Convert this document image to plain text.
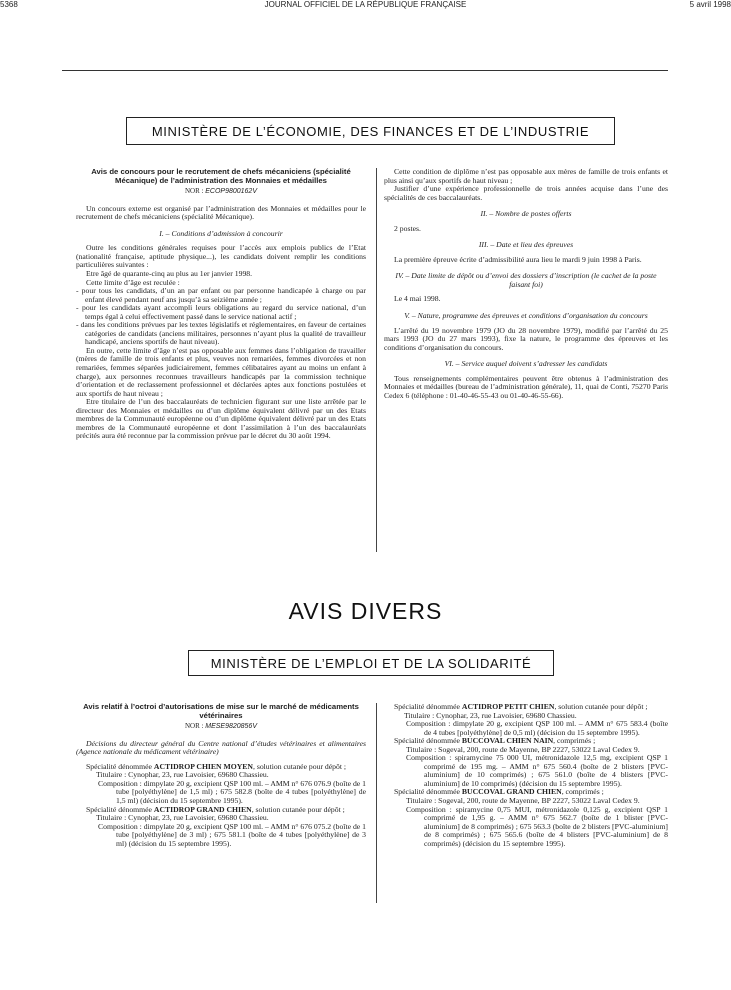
5368	JOURNAL OFFICIEL DE LA RÉPUBLIQUE FRANÇAISE	5 avril 1998
MINISTÈRE DE L’ÉCONOMIE, DES FINANCES ET DE L’INDUSTRIE

Avis de concours pour le recrutement de chefs mécaniciens (spécialité Mécanique) de l’administration des Monnaies et médailles

NOR : ECOP9800162V

Un concours externe est organisé par l’administration des Monnaies et médailles pour le recrutement de chefs mécaniciens (spécialité Mécanique).

I. – Conditions d’admission à concourir

Outre les conditions générales requises pour l’accès aux emplois publics de l’Etat (nationalité française, aptitude physique...), les candidats doivent remplir les conditions particulières suivantes :

Etre âgé de quarante-cinq au plus au 1er janvier 1998.

Cette limite d’âge est reculée :

- pour tous les candidats, d’un an par enfant ou par personne handicapée à charge ou par enfant élevé pendant neuf ans jusqu’à sa seizième année ;

- pour les candidats ayant accompli leurs obligations au regard du service national, d’un temps égal à celui effectivement passé dans le service national actif ;

- dans les conditions prévues par les textes législatifs et réglementaires, en faveur de certaines catégories de candidats (anciens militaires, personnes n’ayant plus la qualité de travailleur handicapé, anciens sportifs de haut niveau).

En outre, cette limite d’âge n’est pas opposable aux femmes dans l’obligation de travailler (mères de famille de trois enfants et plus, veuves non remariées, femmes divorcées et non remariées, femmes séparées judiciairement, femmes célibataires ayant au moins un enfant à charge), aux personnes reconnues travailleurs handicapés par la commission technique d’orientation et de reclassement professionnel et déclarées aptes aux fonctions postulées et aux sportifs de haut niveau ;

Etre titulaire de l’un des baccalauréats de technicien figurant sur une liste arrêtée par le directeur des Monnaies et médailles ou d’un diplôme équivalent délivré par un des Etats membres de la Communauté européenne ou d’un diplôme équivalent délivré par un des Etats membres de la Communauté européenne et dont l’assimilation à l’un des baccalauréats précités aura été reconnue par la commission prévue par le décret du 30 août 1994.

Cette condition de diplôme n’est pas opposable aux mères de famille de trois enfants et plus ainsi qu’aux sportifs de haut niveau ;

Justifier d’une expérience professionnelle de trois années acquise dans l’une des spécialités de ces baccalauréats.

II. – Nombre de postes offerts

2 postes.

III. – Date et lieu des épreuves

La première épreuve écrite d’admissibilité aura lieu le mardi 9 juin 1998 à Paris.

IV. – Date limite de dépôt ou d’envoi des dossiers d’inscription (le cachet de la poste faisant foi)

Le 4 mai 1998.

V. – Nature, programme des épreuves et conditions d’organisation du concours

L’arrêté du 19 novembre 1979 (JO du 28 novembre 1979), modifié par l’arrêté du 25 mars 1993 (JO du 27 mars 1993), fixe la nature, le programme des épreuves et les conditions d’organisation du concours.

VI. – Service auquel doivent s’adresser les candidats

Tous renseignements complémentaires peuvent être obtenus à l’administration des Monnaies et médailles (bureau de l’administration générale), 11, quai de Conti, 75270 Paris Cedex 6 (téléphone : 01-40-46-55-43 ou 01-40-46-55-66).

AVIS DIVERS
MINISTÈRE DE L’EMPLOI ET DE LA SOLIDARITÉ

Avis relatif à l’octroi d’autorisations de mise sur le marché de médicaments vétérinaires

NOR : MESE9820856V

Décisions du directeur général du Centre national d’études vétérinaires et alimentaires (Agence nationale du médicament vétérinaire)

Spécialité dénommée ACTIDROP CHIEN MOYEN, solution cutanée pour dépôt ;

Titulaire : Cynophar, 23, rue Lavoisier, 69680 Chassieu.

Composition : dimpylate 20 g, excipient QSP 100 ml. – AMM n° 676 076.9 (boîte de 1 tube [polyéthylène] de 1,5 ml) ; 675 582.8 (boîte de 4 tubes [polyéthylène] de 1,5 ml) (décision du 15 septembre 1995).

Spécialité dénommée ACTIDROP GRAND CHIEN, solution cutanée pour dépôt ;

Titulaire : Cynophar, 23, rue Lavoisier, 69680 Chassieu.

Composition : dimpylate 20 g, excipient QSP 100 ml. – AMM n° 676 075.2 (boîte de 1 tube [polyéthylène] de 3 ml) ; 675 581.1 (boîte de 4 tubes [polyéthylène] de 3 ml) (décision du 15 septembre 1995).

Spécialité dénommée ACTIDROP PETIT CHIEN, solution cutanée pour dépôt ;

Titulaire : Cynophar, 23, rue Lavoisier, 69680 Chassieu.

Composition : dimpylate 20 g, excipient QSP 100 ml. – AMM n° 675 583.4 (boîte de 4 tubes [polyéthylène] de 0,5 ml) (décision du 15 septembre 1995).

Spécialité dénommée BUCCOVAL CHIEN NAIN, comprimés ;

Titulaire : Sogeval, 200, route de Mayenne, BP 2227, 53022 Laval Cedex 9.

Composition : spiramycine 75 000 UI, métronidazole 12,5 mg, excipient QSP 1 comprimé de 195 mg. – AMM n° 675 560.4 (boîte de 2 blisters [PVC-aluminium] de 10 comprimés) ; 675 561.0 (boîte de 4 blisters [PVC-aluminium] de 10 comprimés) (décision du 15 septembre 1995).

Spécialité dénommée BUCCOVAL GRAND CHIEN, comprimés ;

Titulaire : Sogeval, 200, route de Mayenne, BP 2227, 53022 Laval Cedex 9.

Composition : spiramycine 0,75 MUI, métronidazole 0,125 g, excipient QSP 1 comprimé de 1,95 g. – AMM n° 675 562.7 (boîte de 1 blister [PVC-aluminium] de 8 comprimés) ; 675 563.3 (boîte de 2 blisters [PVC-aluminium] de 8 comprimés) ; 675 565.6 (boîte de 4 blisters [PVC-aluminium] de 8 comprimés) (décision du 15 septembre 1995).
